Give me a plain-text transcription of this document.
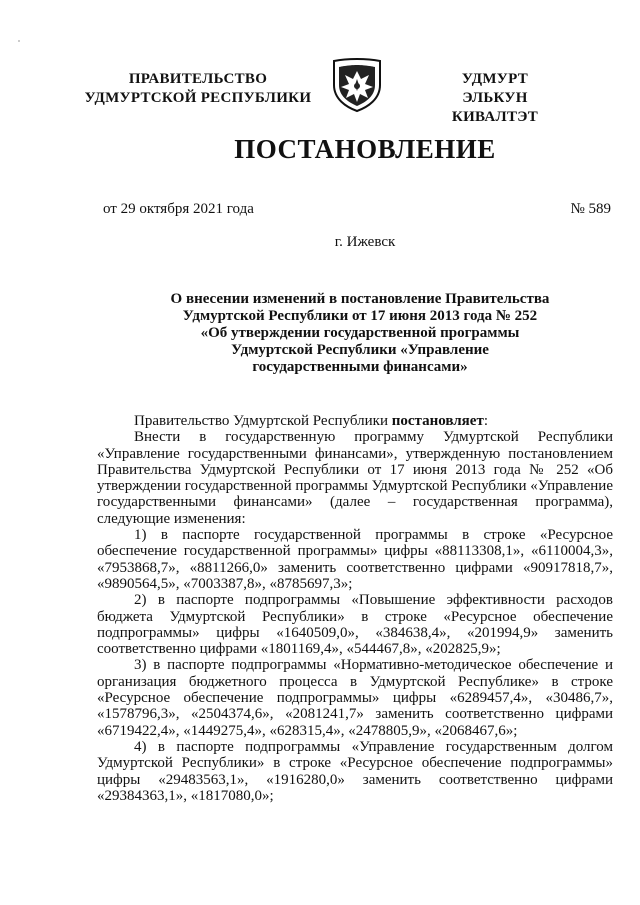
ПРАВИТЕЛЬСТВО
УДМУРТСКОЙ РЕСПУБЛИКИ
УДМУРТ ЭЛЬКУН
КИВАЛТЭТ
ПОСТАНОВЛЕНИЕ
от 29 октября 2021 года	№ 589
г. Ижевск
О внесении изменений в постановление Правительства
Удмуртской Республики от 17 июня 2013 года № 252
«Об утверждении государственной программы
Удмуртской Республики «Управление
государственными финансами»

Правительство Удмуртской Республики постановляет:

Внести в государственную программу Удмуртской Республики «Управление государственными финансами», утвержденную постановлением Правительства Удмуртской Республики от 17 июня 2013 года № 252 «Об утверждении государственной программы Удмуртской Республики «Управление государственными финансами» (далее – государственная программа), следующие изменения:

1) в паспорте государственной программы в строке «Ресурсное обеспечение государственной программы» цифры «88113308,1», «6110004,3», «7953868,7», «8811266,0» заменить соответственно цифрами «90917818,7», «9890564,5», «7003387,8», «8785697,3»;

2) в паспорте подпрограммы «Повышение эффективности расходов бюджета Удмуртской Республики» в строке «Ресурсное обеспечение подпрограммы» цифры «1640509,0», «384638,4», «201994,9» заменить соответственно цифрами «1801169,4», «544467,8», «202825,9»;

3) в паспорте подпрограммы «Нормативно-методическое обеспечение и организация бюджетного процесса в Удмуртской Республике» в строке «Ресурсное обеспечение подпрограммы» цифры «6289457,4», «30486,7», «1578796,3», «2504374,6», «2081241,7» заменить соответственно цифрами «6719422,4», «1449275,4», «628315,4», «2478805,9», «2068467,6»;

4) в паспорте подпрограммы «Управление государственным долгом Удмуртской Республики» в строке «Ресурсное обеспечение подпрограммы» цифры «29483563,1», «1916280,0» заменить соответственно цифрами «29384363,1», «1817080,0»;
